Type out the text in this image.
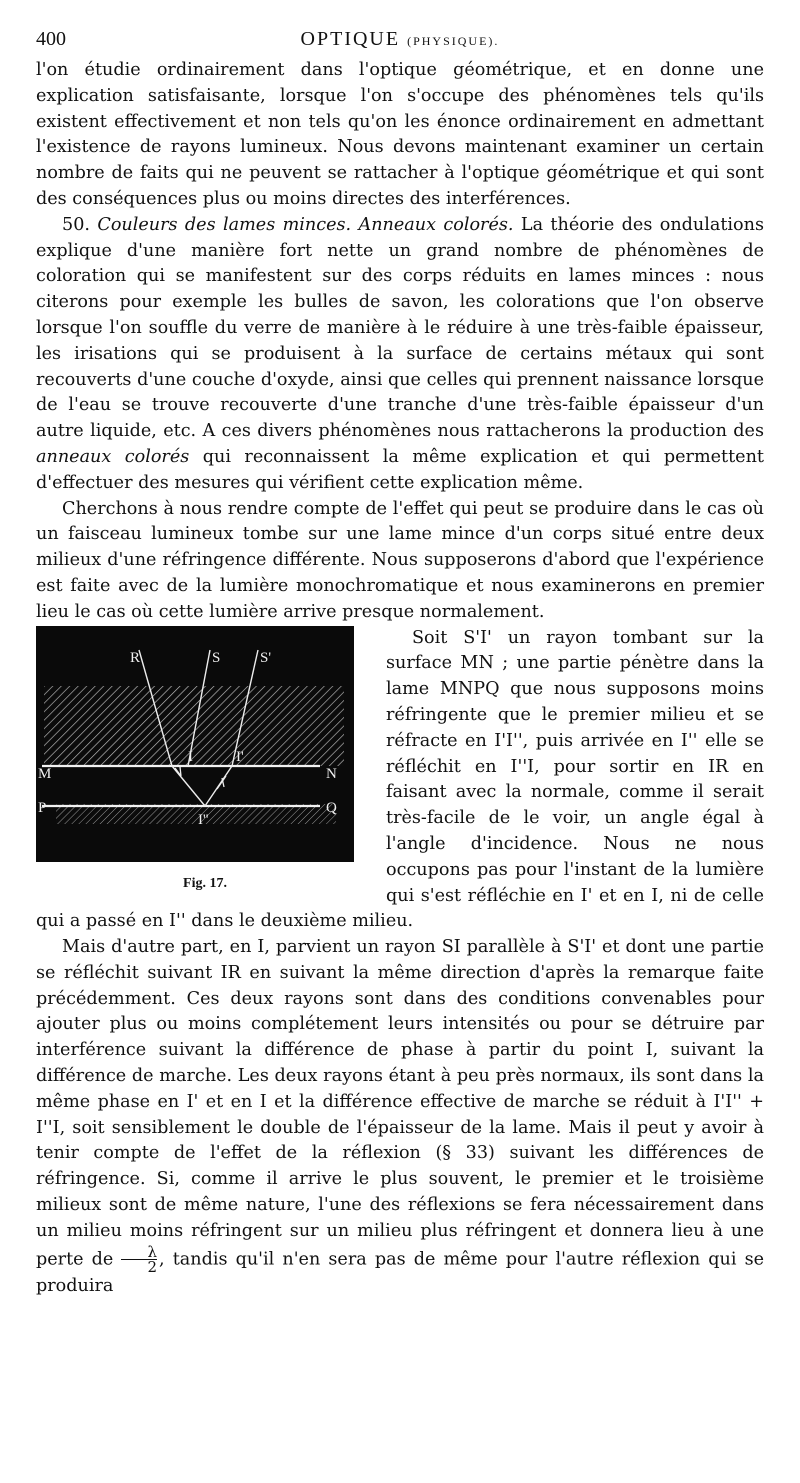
400	OPTIQUE (PHYSIQUE).

l'on étudie ordinairement dans l'optique géométrique, et en donne une explication satisfaisante, lorsque l'on s'occupe des phénomènes tels qu'ils existent effectivement et non tels qu'on les énonce ordinairement en admettant l'existence de rayons lumineux. Nous devons maintenant examiner un certain nombre de faits qui ne peuvent se rattacher à l'optique géométrique et qui sont des conséquences plus ou moins directes des interférences.

50. Couleurs des lames minces. Anneaux colorés. La théorie des ondulations explique d'une manière fort nette un grand nombre de phénomènes de coloration qui se manifestent sur des corps réduits en lames minces : nous citerons pour exemple les bulles de savon, les colorations que l'on observe lorsque l'on souffle du verre de manière à le réduire à une très-faible épaisseur, les irisations qui se produisent à la surface de certains métaux qui sont recouverts d'une couche d'oxyde, ainsi que celles qui prennent naissance lorsque de l'eau se trouve recouverte d'une tranche d'une très-faible épaisseur d'un autre liquide, etc. A ces divers phénomènes nous rattacherons la production des anneaux colorés qui reconnaissent la même explication et qui permettent d'effectuer des mesures qui vérifient cette explication même.

Cherchons à nous rendre compte de l'effet qui peut se produire dans le cas où un faisceau lumineux tombe sur une lame mince d'un corps situé entre deux milieux d'une réfringence différente. Nous supposerons d'abord que l'expérience est faite avec de la lumière monochromatique et nous examinerons en premier lieu le cas où cette lumière arrive presque normalement.

R	S	S'
I	I'
I''
M	N
P	Q
Fig. 17.

Soit S'I' un rayon tombant sur la surface MN ; une partie pénètre dans la lame MNPQ que nous supposons moins réfringente que le premier milieu et se réfracte en I'I'', puis arrivée en I'' elle se réfléchit en I''I, pour sortir en IR en faisant avec la normale, comme il serait très-facile de le voir, un angle égal à l'angle d'incidence. Nous ne nous occupons pas pour l'instant de la lumière qui s'est réfléchie en I' et en I, ni de celle qui a passé en I'' dans le deuxième milieu.

Mais d'autre part, en I, parvient un rayon SI parallèle à S'I' et dont une partie se réfléchit suivant IR en suivant la même direction d'après la remarque faite précédemment. Ces deux rayons sont dans des conditions convenables pour ajouter plus ou moins complétement leurs intensités ou pour se détruire par interférence suivant la différence de phase à partir du point I, suivant la différence de marche. Les deux rayons étant à peu près normaux, ils sont dans la même phase en I' et en I et la différence effective de marche se réduit à I'I'' + I''I, soit sensiblement le double de l'épaisseur de la lame. Mais il peut y avoir à tenir compte de l'effet de la réflexion (§ 33) suivant les différences de réfringence. Si, comme il arrive le plus souvent, le premier et le troisième milieux sont de même nature, l'une des réflexions se fera nécessairement dans un milieu moins réfringent sur un milieu plus réfringent et donnera lieu à une perte de $\frac{\lambda}{2}$ , tandis qu'il n'en sera pas de même pour l'autre réflexion qui se produira
